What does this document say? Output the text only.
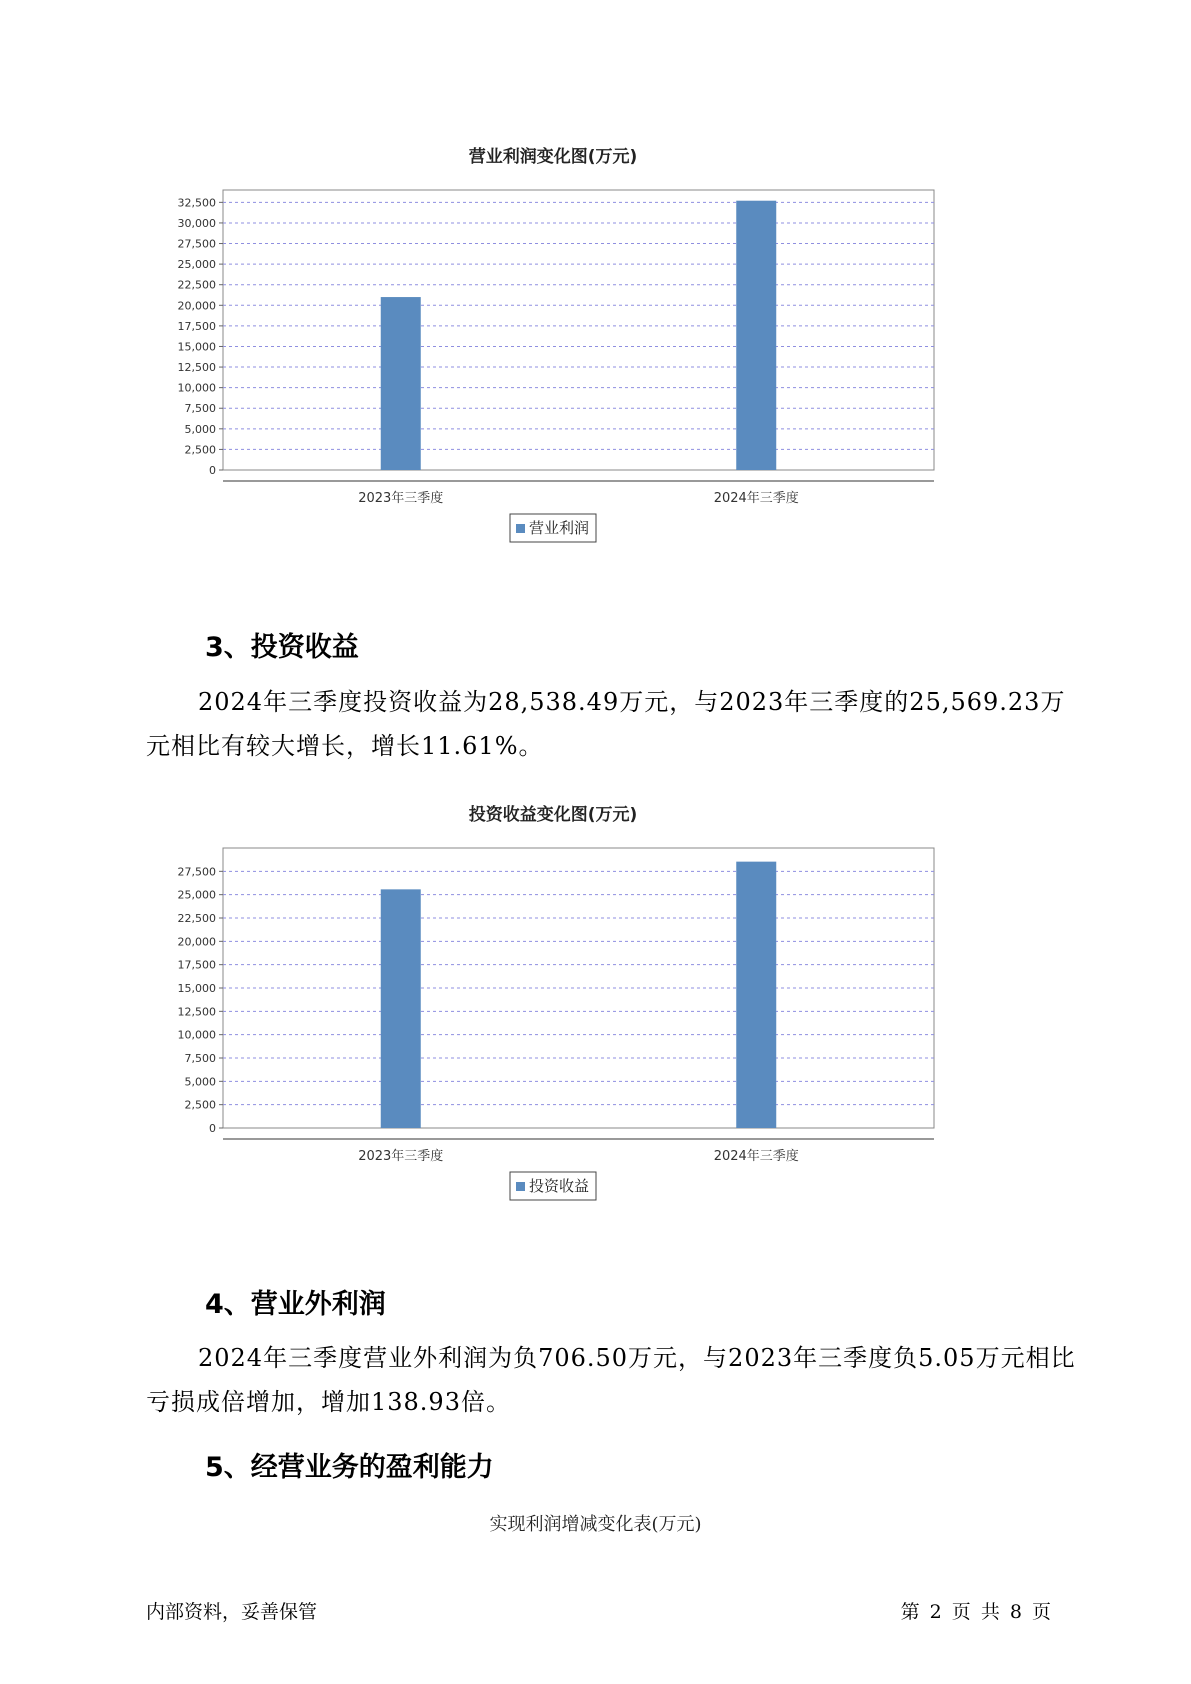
营业利润变化图(万元)
0
2,500
5,000
7,500
10,000
12,500
15,000
17,500
20,000
22,500
25,000
27,500
30,000
32,500
2023年三季度	2024年三季度
营业利润
3、投资收益

2024年三季度投资收益为28,538.49万元，与2023年三季度的25,569.23万元相比有较大增长，增长11.61%。

投资收益变化图(万元)
0
2,500
5,000
7,500
10,000
12,500
15,000
17,500
20,000
22,500
25,000
27,500
2023年三季度	2024年三季度
投资收益
4、营业外利润

2024年三季度营业外利润为负706.50万元，与2023年三季度负5.05万元相比亏损成倍增加，增加138.93倍。

5、经营业务的盈利能力
实现利润增减变化表(万元)
内部资料，妥善保管	第 2 页 共 8 页
